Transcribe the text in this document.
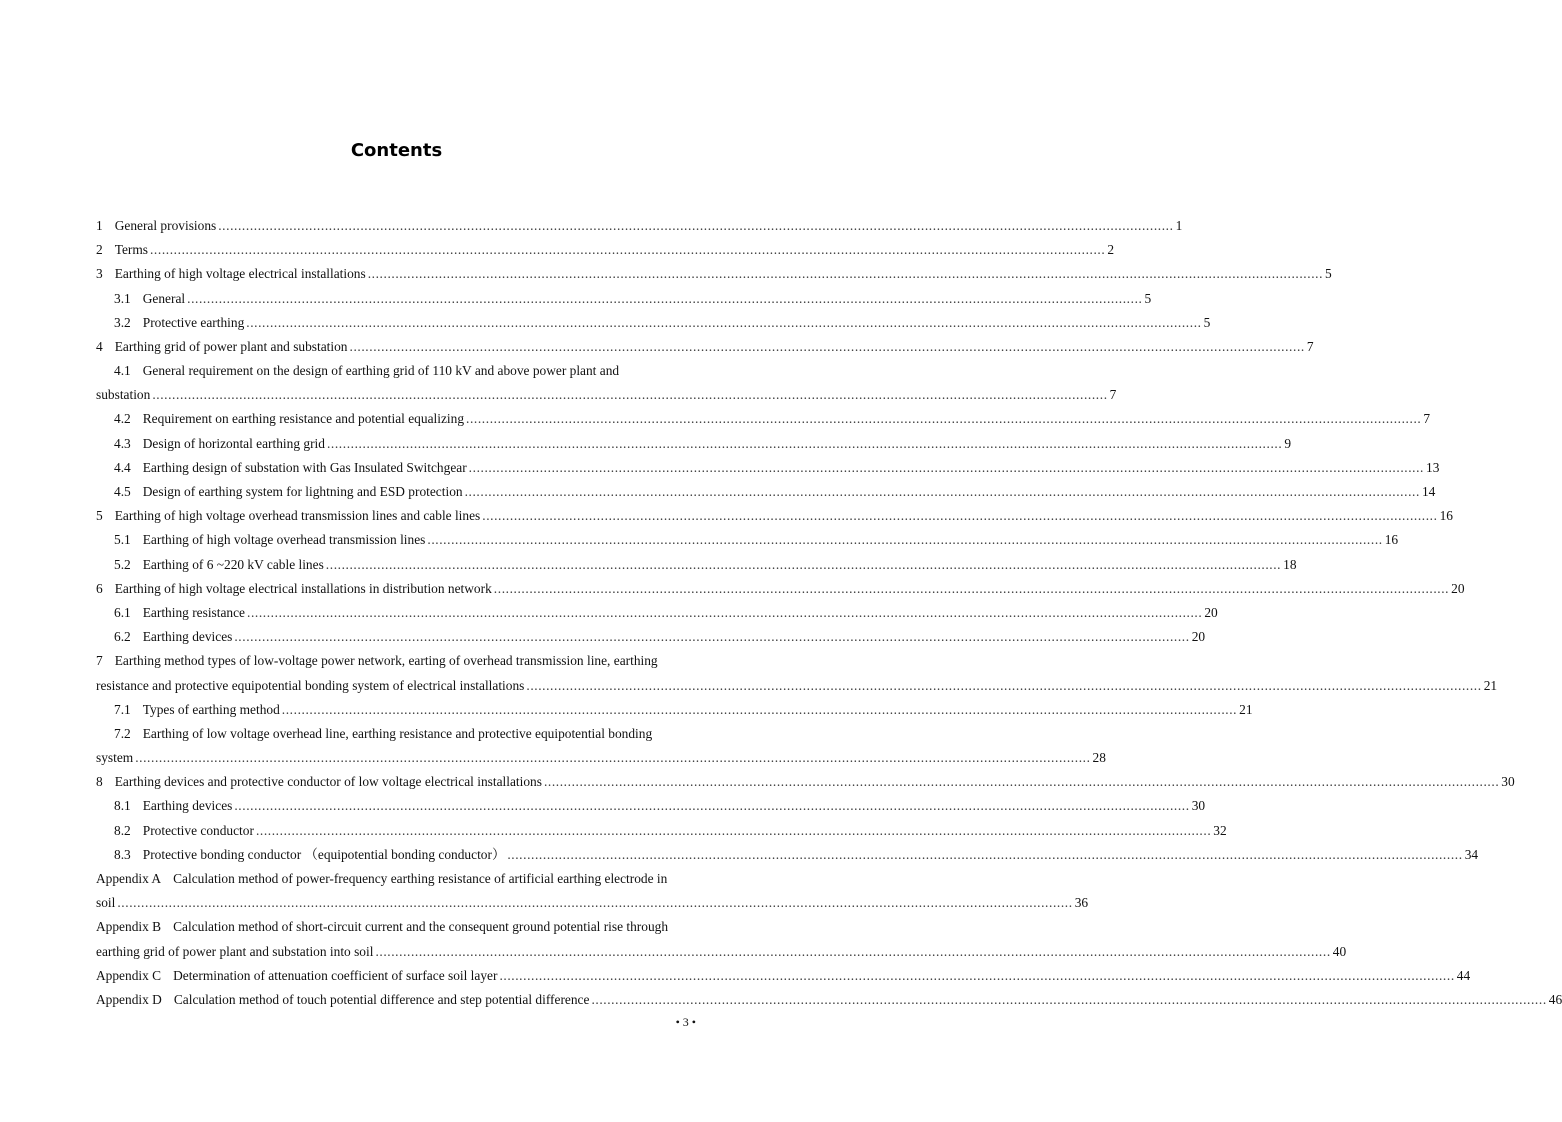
Contents
1 General provisions .....	1
2 Terms .....	2
3 Earthing of high voltage electrical installations .....	5
3.1 General .....	5
3.2 Protective earthing .....	5
4 Earthing grid of power plant and substation .....	7
4.1 General requirement on the design of earthing grid of 110 kV and above power plant and
substation .....	7
4.2 Requirement on earthing resistance and potential equalizing .....	7
4.3 Design of horizontal earthing grid .....	9
4.4 Earthing design of substation with Gas Insulated Switchgear .....	13
4.5 Design of earthing system for lightning and ESD protection .....	14
5 Earthing of high voltage overhead transmission lines and cable lines .....	16
5.1 Earthing of high voltage overhead transmission lines .....	16
5.2 Earthing of 6 ~220 kV cable lines .....	18
6 Earthing of high voltage electrical installations in distribution network .....	20
6.1 Earthing resistance .....	20
6.2 Earthing devices .....	20
7 Earthing method types of low-voltage power network, earting of overhead transmission line, earthing
resistance and protective equipotential bonding system of electrical installations .....	21
7.1 Types of earthing method .....	21
7.2 Earthing of low voltage overhead line, earthing resistance and protective equipotential bonding
system .....	28
8 Earthing devices and protective conductor of low voltage electrical installations .....	30
8.1 Earthing devices .....	30
8.2 Protective conductor .....	32
8.3 Protective bonding conductor （equipotential bonding conductor） .....	34
Appendix A Calculation method of power-frequency earthing resistance of artificial earthing electrode in
soil .....	36
Appendix B Calculation method of short-circuit current and the consequent ground potential rise through
earthing grid of power plant and substation into soil .....	40
Appendix C Determination of attenuation coefficient of surface soil layer .....	44
Appendix D Calculation method of touch potential difference and step potential difference .....	46
• 3 •
